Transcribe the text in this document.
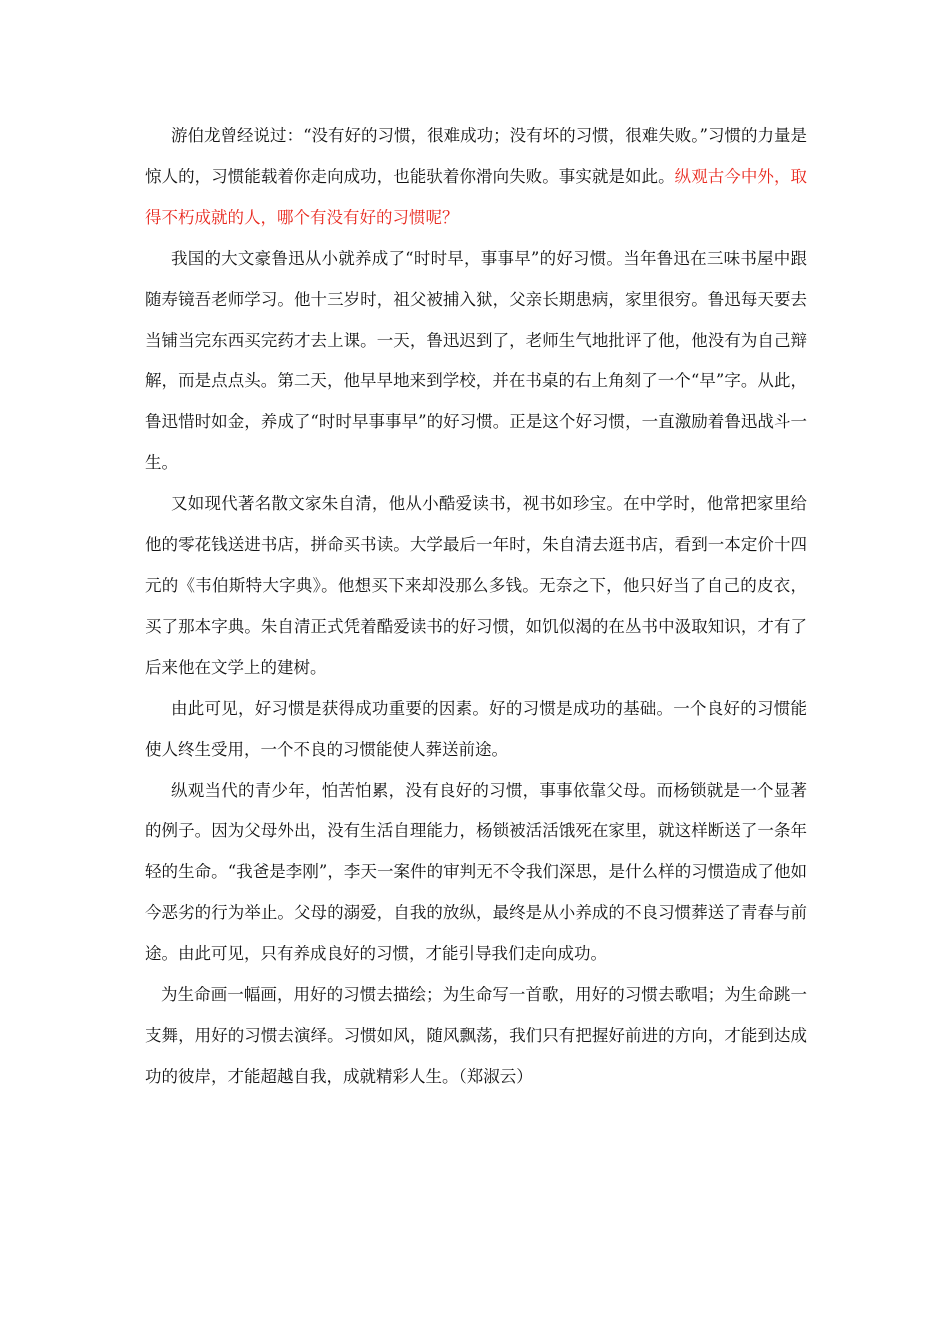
游伯龙曾经说过：“没有好的习惯，很难成功；没有坏的习惯，很难失败。”习惯的力量是惊人的，习惯能载着你走向成功，也能驮着你滑向失败。事实就是如此。纵观古今中外，取得不朽成就的人，哪个有没有好的习惯呢？

我国的大文豪鲁迅从小就养成了“时时早，事事早”的好习惯。当年鲁迅在三味书屋中跟随寿镜吾老师学习。他十三岁时，祖父被捕入狱，父亲长期患病，家里很穷。鲁迅每天要去当铺当完东西买完药才去上课。一天，鲁迅迟到了，老师生气地批评了他，他没有为自己辩解，而是点点头。第二天，他早早地来到学校，并在书桌的右上角刻了一个“早”字。从此，鲁迅惜时如金，养成了“时时早事事早”的好习惯。正是这个好习惯，一直激励着鲁迅战斗一生。

又如现代著名散文家朱自清，他从小酷爱读书，视书如珍宝。在中学时，他常把家里给他的零花钱送进书店，拼命买书读。大学最后一年时，朱自清去逛书店，看到一本定价十四元的《韦伯斯特大字典》。他想买下来却没那么多钱。无奈之下，他只好当了自己的皮衣，买了那本字典。朱自清正式凭着酷爱读书的好习惯，如饥似渴的在丛书中汲取知识，才有了后来他在文学上的建树。

由此可见，好习惯是获得成功重要的因素。好的习惯是成功的基础。一个良好的习惯能使人终生受用，一个不良的习惯能使人葬送前途。

纵观当代的青少年，怕苦怕累，没有良好的习惯，事事依靠父母。而杨锁就是一个显著的例子。因为父母外出，没有生活自理能力，杨锁被活活饿死在家里，就这样断送了一条年轻的生命。“我爸是李刚”，李天一案件的审判无不令我们深思，是什么样的习惯造成了他如今恶劣的行为举止。父母的溺爱，自我的放纵，最终是从小养成的不良习惯葬送了青春与前途。由此可见，只有养成良好的习惯，才能引导我们走向成功。

为生命画一幅画，用好的习惯去描绘；为生命写一首歌，用好的习惯去歌唱；为生命跳一支舞，用好的习惯去演绎。习惯如风，随风飘荡，我们只有把握好前进的方向，才能到达成功的彼岸，才能超越自我，成就精彩人生。（郑淑云）
